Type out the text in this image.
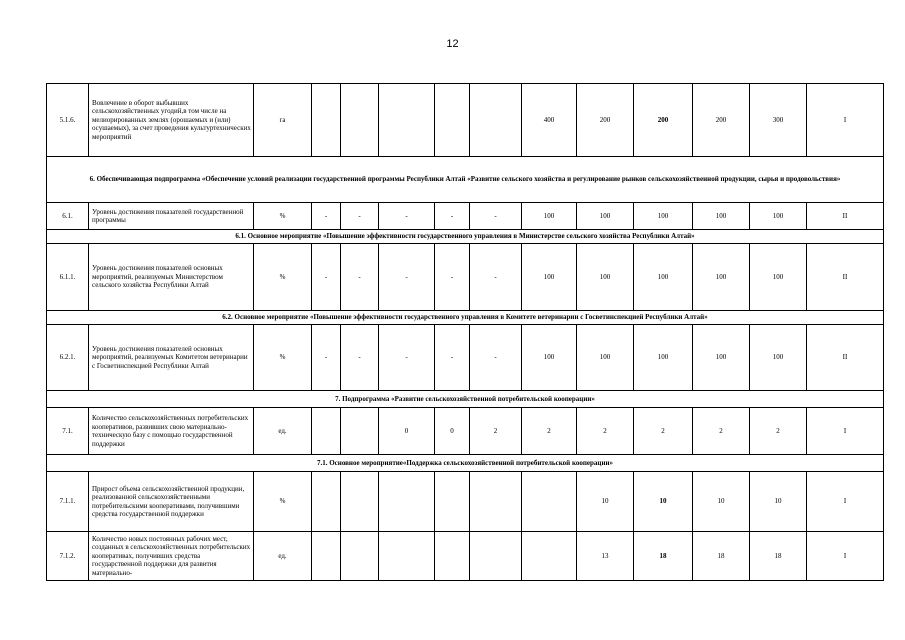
12
5.1.6.	Вовлечение в оборот выбывших сельскохозяйственных угодий,в том числе на мелиорированных землях (орошаемых и (или) осушаемых), за счет проведения культуртехнических мероприятий	га						400	200	200	200	300	I
6. Обеспечивающая подпрограмма «Обеспечение условий реализации государственной программы Республики Алтай «Развитие сельского хозяйства и регулирование рынков сельскохозяйственной продукции, сырья и продовольствия»													
6.1.	Уровень достижения показателей государственной программы	%	-	-	-	-	-	100	100	100	100	100	II
6.1. Основное мероприятие «Повышение эффективности государственного управления в Министерстве сельского хозяйства Республики Алтай»													
6.1.1.	Уровень достижения показателей основных мероприятий, реализуемых Министерством сельского хозяйства Республики Алтай	%	-	-	-	-	-	100	100	100	100	100	II
6.2. Основное мероприятие «Повышение эффективности государственного управления в Комитете ветеринарии с Госветинспекцией Республики Алтай»													
6.2.1.	Уровень достижения показателей основных мероприятий, реализуемых Комитетом ветеринарии с Госветинспекцией Республики Алтай	%	-	-	-	-	-	100	100	100	100	100	II
7. Подпрограмма «Развитие сельскохозяйственной потребительской кооперации»													
7.1.	Количество сельскохозяйственных потребительских кооперативов, развивших свою материально-техническую базу с помощью государственной поддержки	ед.			0	0	2	2	2	2	2	2	I
7.1. Основное мероприятие«Поддержка сельскохозяйственной потребительской кооперации»													
7.1.1.	Прирост объема сельскохозяйственной продукции, реализованной сельскохозяйственными потребительскими кооперативами, получившими средства государственной поддержки	%							10	10	10	10	I
7.1.2.	Количество новых постоянных рабочих мест, созданных в сельскохозяйственных потребительских кооперативах, получивших средства государственной поддержки для развития материально-	ед.							13	18	18	18	I
